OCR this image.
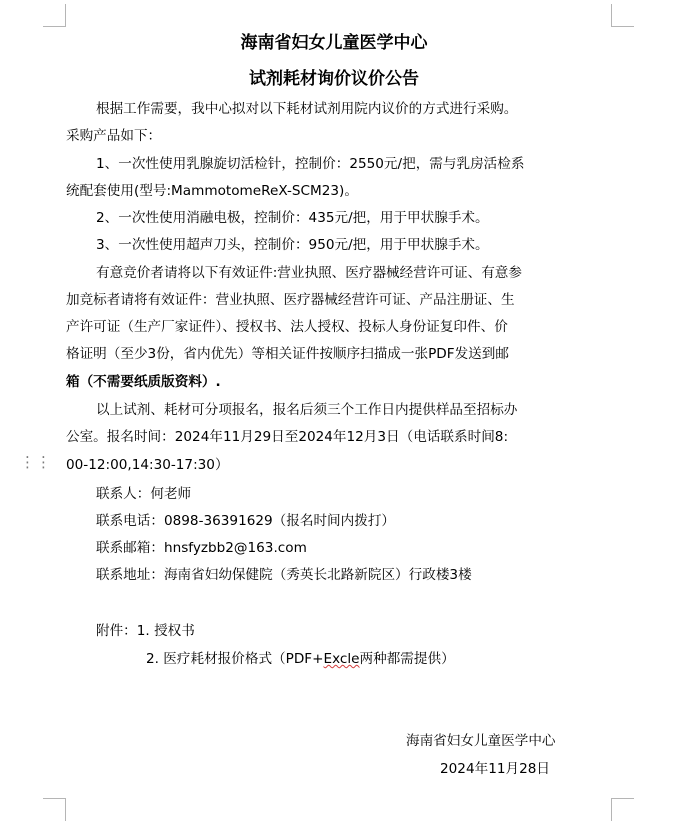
⋮⋮
海南省妇女儿童医学中心
试剂耗材询价议价公告
根据工作需要，我中心拟对以下耗材试剂用院内议价的方式进行采购。
采购产品如下：
1、一次性使用乳腺旋切活检针，控制价：2550元/把，需与乳房活检系
统配套使用(型号:MammotomeReX-SCM23)。
2、一次性使用消融电极，控制价：435元/把，用于甲状腺手术。
3、一次性使用超声刀头，控制价：950元/把，用于甲状腺手术。
有意竞价者请将以下有效证件:营业执照、医疗器械经营许可证、有意参
加竞标者请将有效证件：营业执照、医疗器械经营许可证、产品注册证、生
产许可证（生产厂家证件）、授权书、法人授权、投标人身份证复印件、价
格证明（至少3份，省内优先）等相关证件按顺序扫描成一张PDF发送到邮
箱（不需要纸质版资料）.
以上试剂、耗材可分项报名，报名后须三个工作日内提供样品至招标办
公室。报名时间：2024年11月29日至2024年12月3日（电话联系时间8:
00-12:00,14:30-17:30）
联系人：何老师
联系电话：0898-36391629（报名时间内拨打）
联系邮箱：hnsfyzbb2@163.com
联系地址：海南省妇幼保健院（秀英长北路新院区）行政楼3楼
附件：1. 授权书
2. 医疗耗材报价格式（PDF+Excle两种都需提供）
海南省妇女儿童医学中心
2024年11月28日
